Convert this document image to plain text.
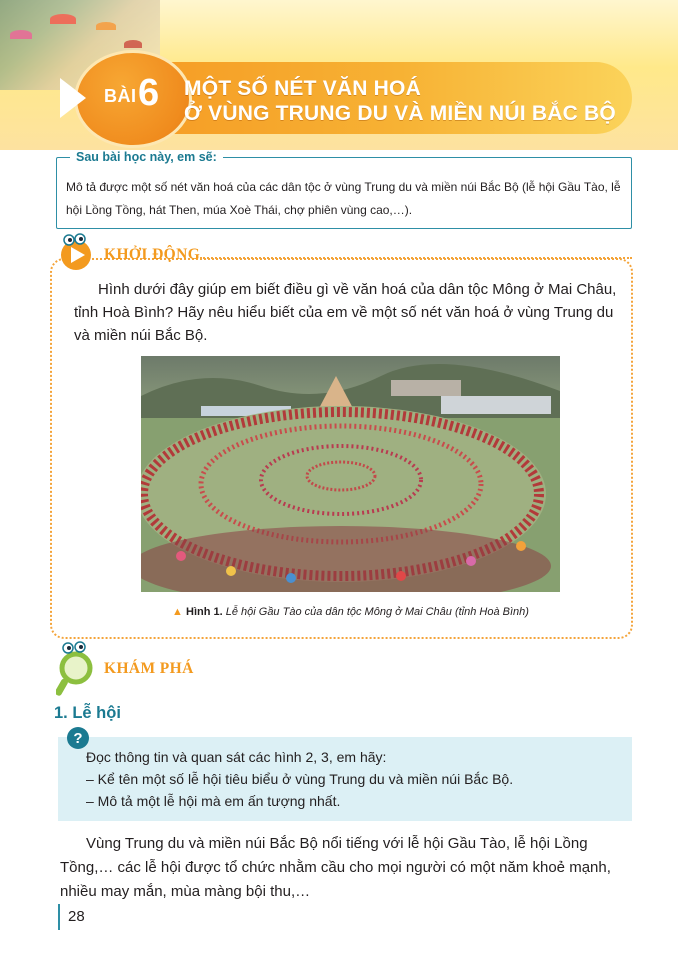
BÀI 6 MỘT SỐ NÉT VĂN HOÁ
Ở VÙNG TRUNG DU VÀ MIỀN NÚI BẮC BỘ
Sau bài học này, em sẽ:
Mô tả được một số nét văn hoá của các dân tộc ở vùng Trung du và miền núi Bắc Bộ (lễ hội Gầu Tào, lễ hội Lồng Tồng, hát Then, múa Xoè Thái, chợ phiên vùng cao,…).
KHỞI ĐỘNG
Hình dưới đây giúp em biết điều gì về văn hoá của dân tộc Mông ở Mai Châu, tỉnh Hoà Bình? Hãy nêu hiểu biết của em về một số nét văn hoá ở vùng Trung du và miền núi Bắc Bộ.
▲ Hình 1. Lễ hội Gầu Tào của dân tộc Mông ở Mai Châu (tỉnh Hoà Bình)
KHÁM PHÁ
1. Lễ hội
?
Đọc thông tin và quan sát các hình 2, 3, em hãy:
– Kể tên một số lễ hội tiêu biểu ở vùng Trung du và miền núi Bắc Bộ.
– Mô tả một lễ hội mà em ấn tượng nhất.
Vùng Trung du và miền núi Bắc Bộ nổi tiếng với lễ hội Gầu Tào, lễ hội Lồng Tồng,… các lễ hội được tổ chức nhằm cầu cho mọi người có một năm khoẻ mạnh, nhiều may mắn, mùa màng bội thu,…
28
